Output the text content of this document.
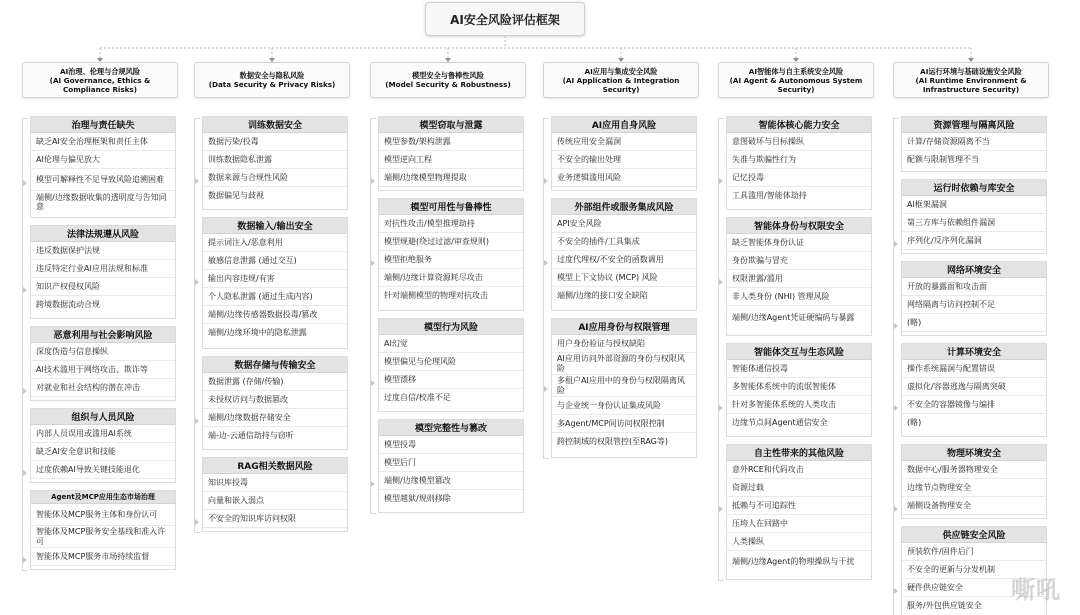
AI安全风险评估框架
AI治理、伦理与合规风险
(AI Governance, Ethics &
Compliance Risks)
治理与责任缺失
缺乏AI安全治理框架和责任主体
AI伦理与偏见放大
模型可解释性不足导致风险追溯困难
端侧/边缘数据收集的透明度与告知同意
法律法规遵从风险
违反数据保护法规
违反特定行业AI应用法规和标准
知识产权侵权风险
跨境数据流动合规
恶意利用与社会影响风险
深度伪造与信息操纵
AI技术滥用于网络攻击、欺诈等
对就业和社会结构的潜在冲击
组织与人员风险
内部人员误用或滥用AI系统
缺乏AI安全意识和技能
过度依赖AI导致关键技能退化
Agent及MCP应用生态市场治理
智能体及MCP服务主体和身份认可
智能体及MCP服务安全基线和准入许可
智能体及MCP服务市场持续监督
数据安全与隐私风险
(Data Security & Privacy Risks)
训练数据安全
数据污染/投毒
训练数据隐私泄露
数据来源与合规性风险
数据偏见与歧视
数据输入/输出安全
提示词注入/恶意利用
敏感信息泄露 (通过交互)
输出内容违规/有害
个人隐私泄露 (通过生成内容)
端侧/边缘传感器数据投毒/篡改
端侧/边缘环境中的隐私泄露
数据存储与传输安全
数据泄露 (存储/传输)
未授权访问与数据篡改
端侧/边缘数据存储安全
端-边-云通信劫持与窃听
RAG相关数据风险
知识库投毒
向量和嵌入弱点
不安全的知识库访问权限
模型安全与鲁棒性风险
(Model Security & Robustness)
模型窃取与泄露
模型参数/架构泄露
模型逆向工程
端侧/边缘模型物理提取
模型可用性与鲁棒性
对抗性攻击/模型推理劫持
模型规避(绕过过滤/审查规则)
模型拒绝服务
端侧/边缘计算资源耗尽攻击
针对端侧模型的物理对抗攻击
模型行为风险
AI幻觉
模型偏见与伦理风险
模型漂移
过度自信/校准不足
模型完整性与篡改
模型投毒
模型后门
端侧/边缘模型篡改
模型越狱/规则移除
AI应用与集成安全风险
(AI Application & Integration
Security)
AI应用自身风险
传统应用安全漏洞
不安全的输出处理
业务逻辑滥用风险
外部组件或服务集成风险
API安全风险
不安全的插件/工具集成
过度代理权/不安全的函数调用
模型上下文协议 (MCP) 风险
端侧/边缘的接口安全缺陷
AI应用身份与权限管理
用户身份验证与授权缺陷
AI应用访问外部资源的身份与权限风险
多租户AI应用中的身份与权限隔离风险
与企业统一身份认证集成风险
多Agent/MCP间访问权限控制
跨控制域的权限管控(至RAG等)
AI智能体与自主系统安全风险
(AI Agent & Autonomous System
Security)
智能体核心能力安全
意图破坏与目标操纵
失准与欺骗性行为
记忆投毒
工具滥用/智能体劫持
智能体身份与权限安全
缺乏智能体身份认证
身份欺骗与冒充
权限泄露/滥用
非人类身份 (NHI) 管理风险
端侧/边缘Agent凭证硬编码与暴露
智能体交互与生态风险
智能体通信投毒
多智能体系统中的流氓智能体
针对多智能体系统的人类攻击
边缘节点间Agent通信安全
自主性带来的其他风险
意外RCE和代码攻击
资源过载
抵赖与不可追踪性
压垮人在回路中
人类操纵
端侧/边缘Agent的物理操纵与干扰
AI运行环境与基础设施安全风险
(AI Runtime Environment &
Infrastructure Security)
资源管理与隔离风险
计算/存储资源隔离不当
配额与限制管理不当
运行时依赖与库安全
AI框架漏洞
第三方库与依赖组件漏洞
序列化/反序列化漏洞
网络环境安全
开放的暴露面和攻击面
网络隔离与访问控制不足
(略)
计算环境安全
操作系统漏洞与配置错误
虚拟化/容器逃逸与隔离突破
不安全的容器镜像与编排
(略)
物理环境安全
数据中心/服务器物理安全
边缘节点物理安全
端侧设备物理安全
供应链安全风险
预装软件/固件后门
不安全的更新与分发机制
硬件供应链安全
服务/外包供应链安全
嘶吼
